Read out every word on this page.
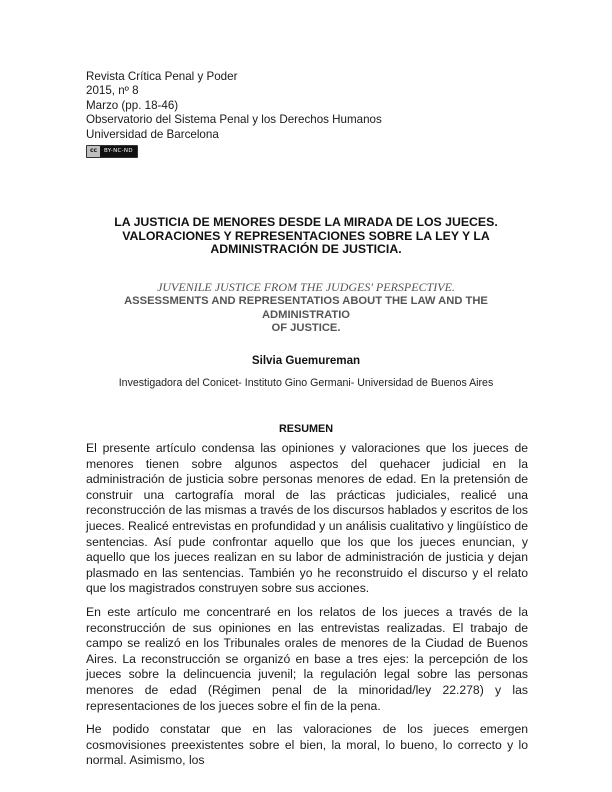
Revista Crítica Penal y Poder
2015, nº 8
Marzo (pp. 18-46)
Observatorio del Sistema Penal y los Derechos Humanos
Universidad de Barcelona
cc	BY-NC-ND
LA JUSTICIA DE MENORES DESDE LA MIRADA DE LOS JUECES.
VALORACIONES Y REPRESENTACIONES SOBRE LA LEY Y LA
ADMINISTRACIÓN DE JUSTICIA.
JUVENILE JUSTICE FROM THE JUDGES' PERSPECTIVE.
ASSESSMENTS AND REPRESENTATIOS ABOUT THE LAW AND THE ADMINISTRATIO
OF JUSTICE.
Silvia Guemureman
Investigadora del Conicet- Instituto Gino Germani- Universidad de Buenos Aires
RESUMEN

El presente artículo condensa las opiniones y valoraciones que los jueces de menores tienen sobre algunos aspectos del quehacer judicial en la administración de justicia sobre personas menores de edad. En la pretensión de construir una cartografía moral de las prácticas judiciales, realicé una reconstrucción de las mismas a través de los discursos hablados y escritos de los jueces. Realicé entrevistas en profundidad y un análisis cualitativo y lingüístico de sentencias. Así pude confrontar aquello que los que los jueces enuncian, y aquello que los jueces realizan en su labor de administración de justicia y dejan plasmado en las sentencias. También yo he reconstruido el discurso y el relato que los magistrados construyen sobre sus acciones.

En este artículo me concentraré en los relatos de los jueces a través de la reconstrucción de sus opiniones en las entrevistas realizadas. El trabajo de campo se realizó en los Tribunales orales de menores de la Ciudad de Buenos Aires. La reconstrucción se organizó en base a tres ejes: la percepción de los jueces sobre la delincuencia juvenil; la regulación legal sobre las personas menores de edad (Régimen penal de la minoridad/ley 22.278) y las representaciones de los jueces sobre el fin de la pena.

He podido constatar que en las valoraciones de los jueces emergen cosmovisiones preexistentes sobre el bien, la moral, lo bueno, lo correcto y lo normal. Asimismo, los
